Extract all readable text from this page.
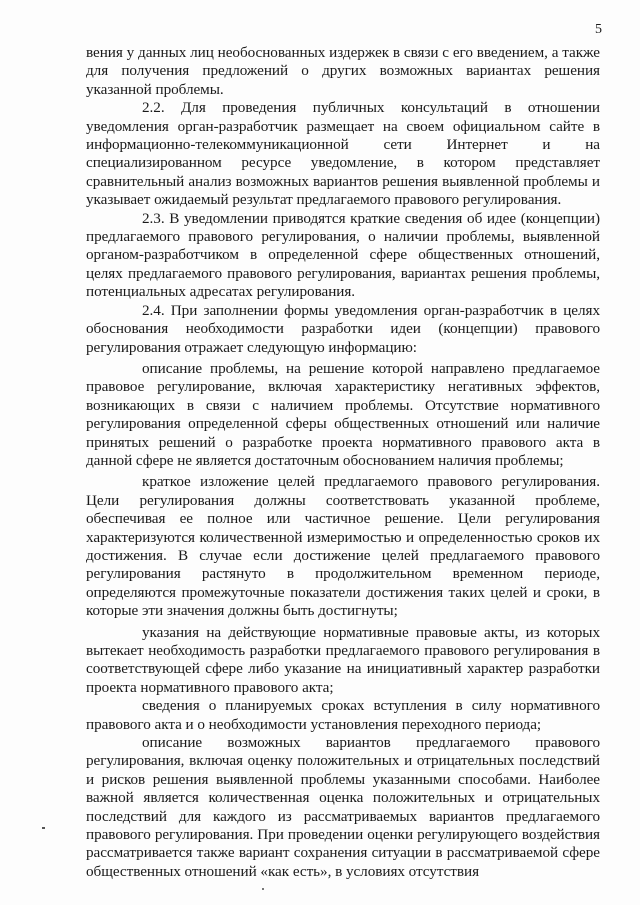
5

вения у данных лиц необоснованных издержек в связи с его введением, а также для получения предложений о других возможных вариантах решения указанной проблемы.

2.2. Для проведения публичных консультаций в отношении уведомления орган-разработчик размещает на своем официальном сайте в информационно-телекоммуникационной сети Интернет и на специализированном ресурсе уведомление, в котором представляет сравнительный анализ возможных вариантов решения выявленной проблемы и указывает ожидаемый результат предлагаемого правового регулирования.

2.3. В уведомлении приводятся краткие сведения об идее (концепции) предлагаемого правового регулирования, о наличии проблемы, выявленной органом-разработчиком в определенной сфере общественных отношений, целях предлагаемого правового регулирования, вариантах решения проблемы, потенциальных адресатах регулирования.

2.4. При заполнении формы уведомления орган-разработчик в целях обоснования необходимости разработки идеи (концепции) правового регулирования отражает следующую информацию:

описание проблемы, на решение которой направлено предлагаемое правовое регулирование, включая характеристику негативных эффектов, возникающих в связи с наличием проблемы. Отсутствие нормативного регулирования определенной сферы общественных отношений или наличие принятых решений о разработке проекта нормативного правового акта в данной сфере не является достаточным обоснованием наличия проблемы;

краткое изложение целей предлагаемого правового регулирования. Цели регулирования должны соответствовать указанной проблеме, обеспечивая ее полное или частичное решение. Цели регулирования характеризуются количественной измеримостью и определенностью сроков их достижения. В случае если достижение целей предлагаемого правового регулирования растянуто в продолжительном временном периоде, определяются промежуточные показатели достижения таких целей и сроки, в которые эти значения должны быть достигнуты;

указания на действующие нормативные правовые акты, из которых вытекает необходимость разработки предлагаемого правового регулирования в соответствующей сфере либо указание на инициативный характер разработки проекта нормативного правового акта;

сведения о планируемых сроках вступления в силу нормативного правового акта и о необходимости установления переходного периода;

описание возможных вариантов предлагаемого правового регулирования, включая оценку положительных и отрицательных последствий и рисков решения выявленной проблемы указанными способами. Наиболее важной является количественная оценка положительных и отрицательных последствий для каждого из рассматриваемых вариантов предлагаемого правового регулирования. При проведении оценки регулирующего воздействия рассматривается также вариант сохранения ситуации в рассматриваемой сфере общественных отношений «как есть», в условиях отсутствия
